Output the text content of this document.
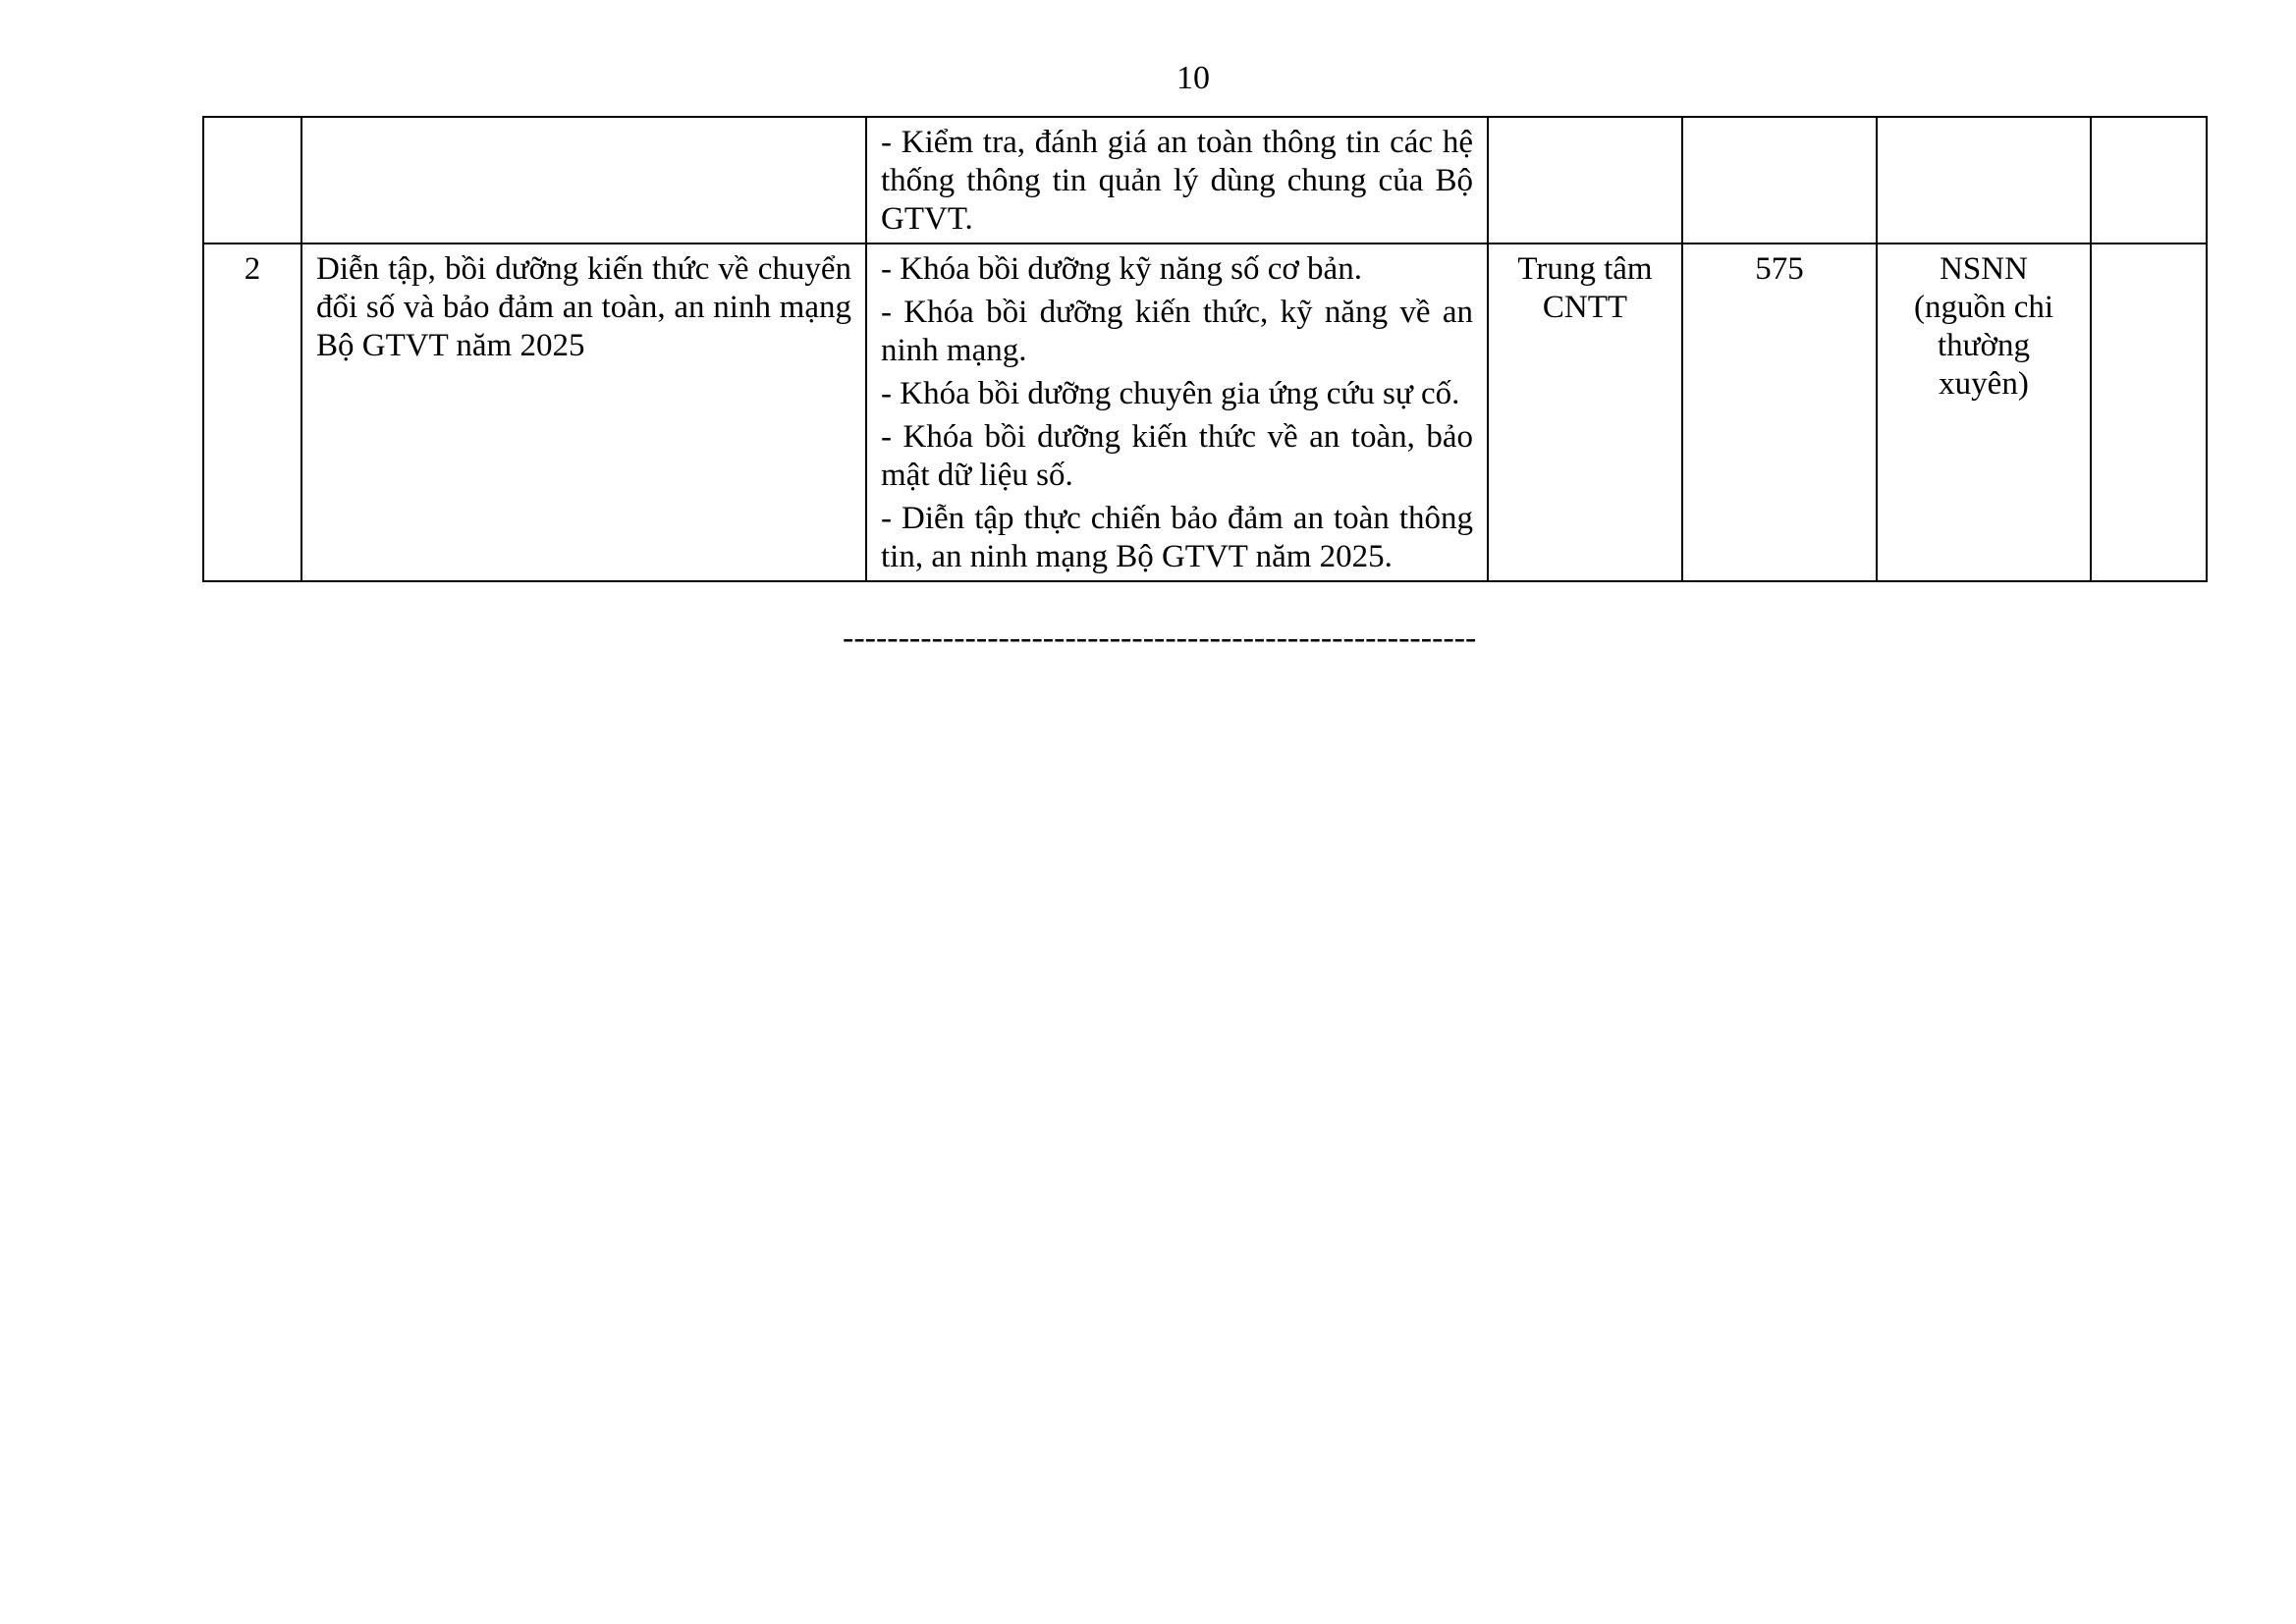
10

		- Kiểm tra, đánh giá an toàn thông tin các hệ thống thông tin quản lý dùng chung của Bộ GTVT.				

2	Diễn tập, bồi dưỡng kiến thức về chuyển đổi số và bảo đảm an toàn, an ninh mạng Bộ GTVT năm 2025	- Khóa bồi dưỡng kỹ năng số cơ bản.

- Khóa bồi dưỡng kiến thức, kỹ năng về an ninh mạng.

- Khóa bồi dưỡng chuyên gia ứng cứu sự cố.

- Khóa bồi dưỡng kiến thức về an toàn, bảo mật dữ liệu số.

- Diễn tập thực chiến bảo đảm an toàn thông tin, an ninh mạng Bộ GTVT năm 2025.	Trung tâm CNTT	575	NSNN (nguồn chi thường xuyên)	
---------------------------------------------------------
